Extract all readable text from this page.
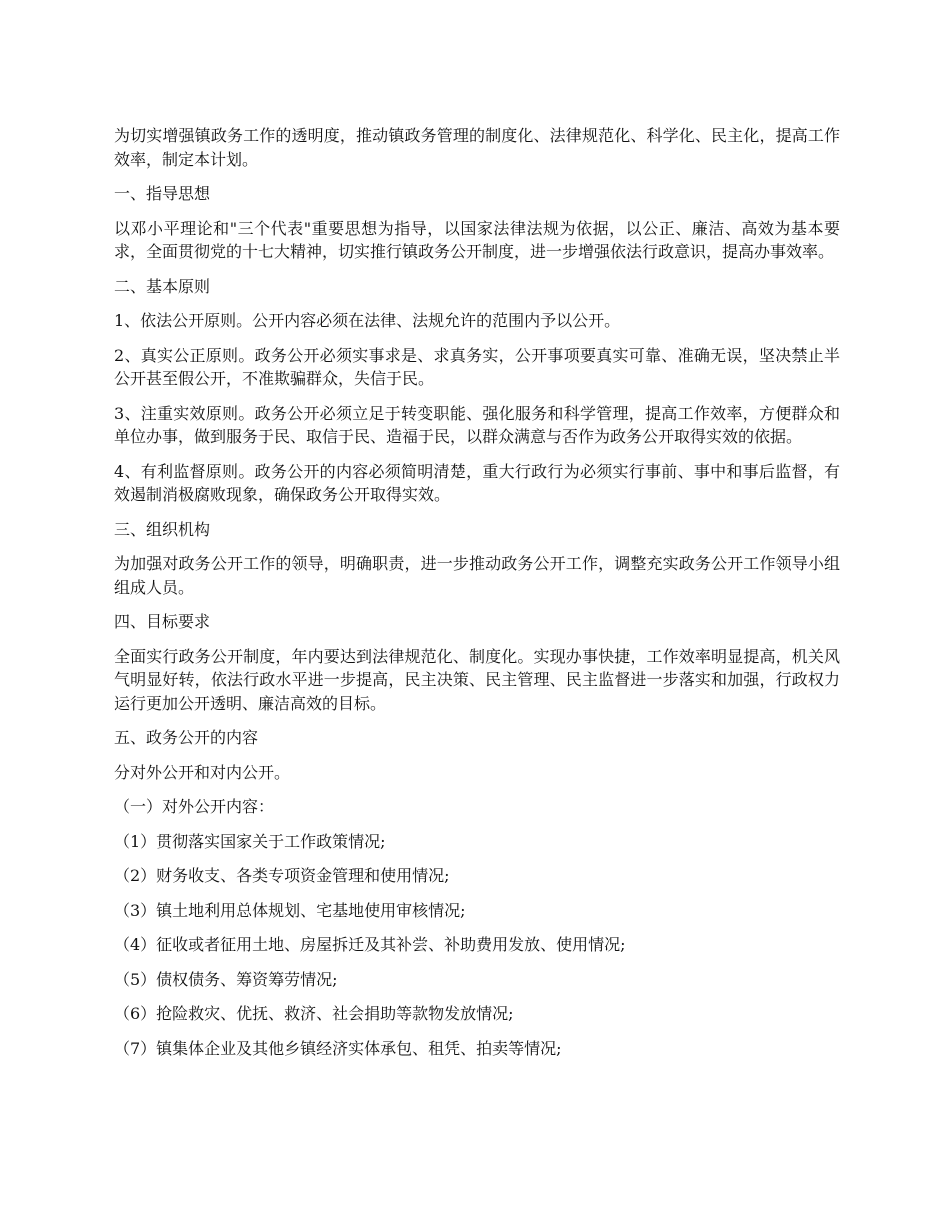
为切实增强镇政务工作的透明度，推动镇政务管理的制度化、法律规范化、科学化、民主化，提高工作效率，制定本计划。

一、指导思想

以邓小平理论和"三个代表"重要思想为指导，以国家法律法规为依据，以公正、廉洁、高效为基本要求，全面贯彻党的十七大精神，切实推行镇政务公开制度，进一步增强依法行政意识，提高办事效率。

二、基本原则

1、依法公开原则。公开内容必须在法律、法规允许的范围内予以公开。

2、真实公正原则。政务公开必须实事求是、求真务实，公开事项要真实可靠、准确无误，坚决禁止半公开甚至假公开，不准欺骗群众，失信于民。

3、注重实效原则。政务公开必须立足于转变职能、强化服务和科学管理，提高工作效率，方便群众和单位办事，做到服务于民、取信于民、造福于民，以群众满意与否作为政务公开取得实效的依据。

4、有利监督原则。政务公开的内容必须简明清楚，重大行政行为必须实行事前、事中和事后监督，有效遏制消极腐败现象，确保政务公开取得实效。

三、组织机构

为加强对政务公开工作的领导，明确职责，进一步推动政务公开工作，调整充实政务公开工作领导小组组成人员。

四、目标要求

全面实行政务公开制度，年内要达到法律规范化、制度化。实现办事快捷，工作效率明显提高，机关风气明显好转，依法行政水平进一步提高，民主决策、民主管理、民主监督进一步落实和加强，行政权力运行更加公开透明、廉洁高效的目标。

五、政务公开的内容

分对外公开和对内公开。

（一）对外公开内容：

（1）贯彻落实国家关于工作政策情况;

（2）财务收支、各类专项资金管理和使用情况;

（3）镇土地利用总体规划、宅基地使用审核情况;

（4）征收或者征用土地、房屋拆迁及其补尝、补助费用发放、使用情况;

（5）债权债务、筹资筹劳情况;

（6）抢险救灾、优抚、救济、社会捐助等款物发放情况;

（7）镇集体企业及其他乡镇经济实体承包、租凭、拍卖等情况;
